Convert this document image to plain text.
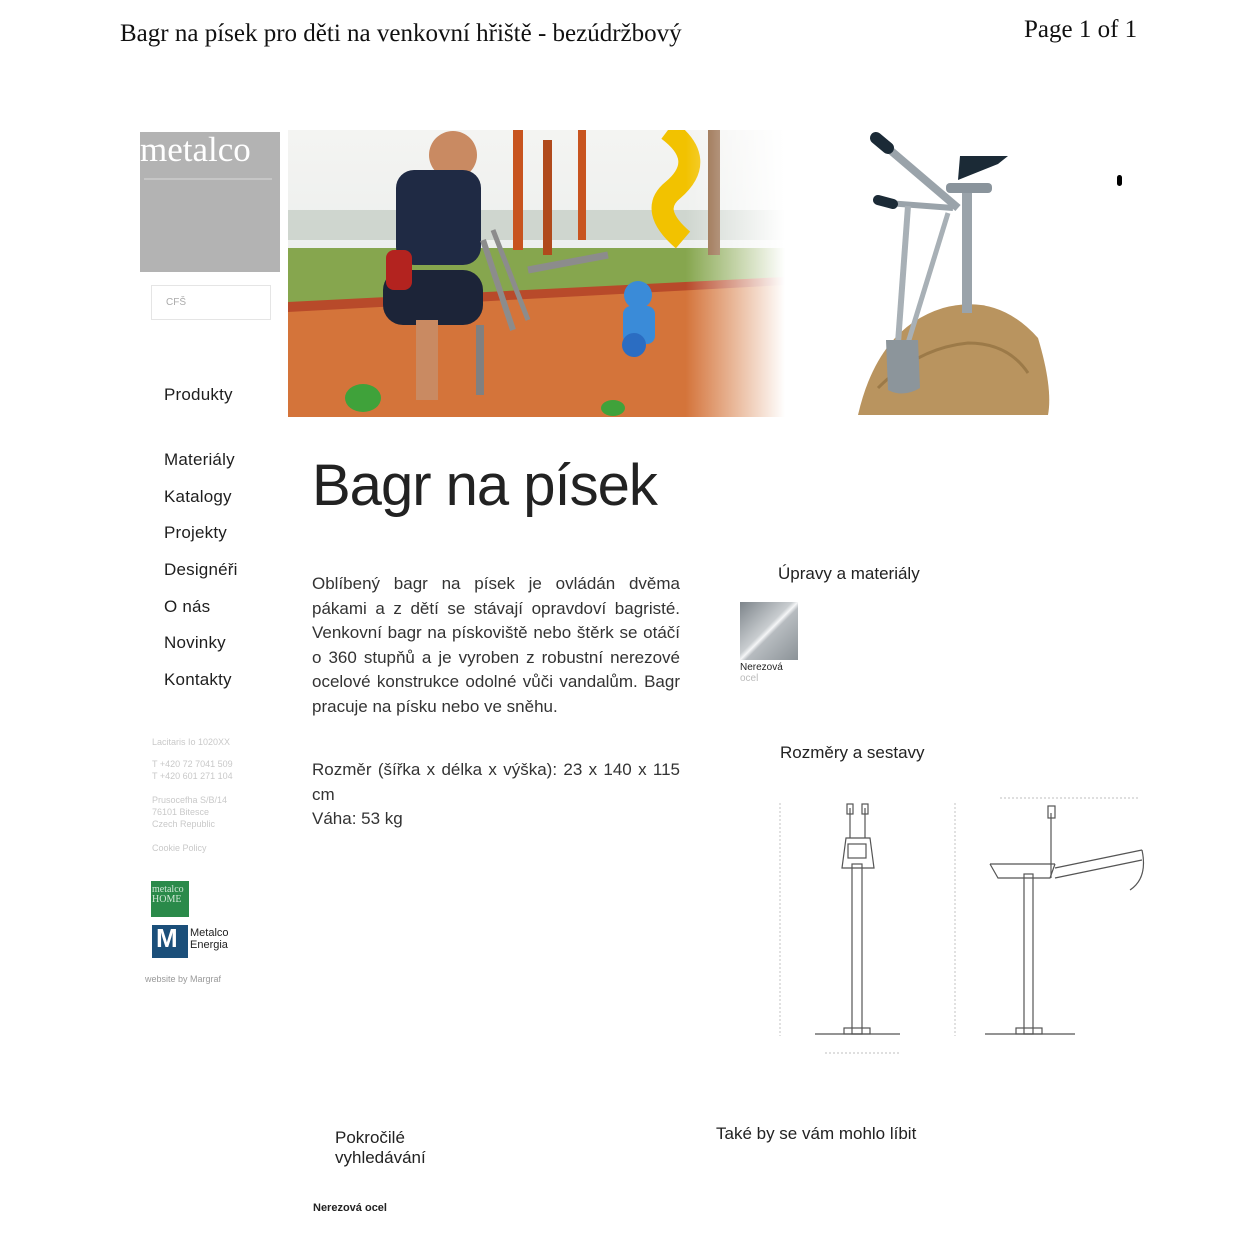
Bagr na písek pro děti na venkovní hřiště - bezúdržbový	Page 1 of 1
metalco
CFŠ
Produkty
Materiály
Katalogy
Projekty
Designéři
O nás
Novinky
Kontakty
Lacitaris Io 1020XX
T +420 72 7041 509
T +420 601 271 104
Prusocefha S/B/14
76101 Bitesce
Czech Republic
Cookie Policy
metalco HOME
M Metalco
Energia
website by Margraf
Bagr na písek
Oblíbený bagr na písek je ovládán dvěma pákami a z dětí se stávají opravdoví bagristé. Venkovní bagr na pískoviště nebo štěrk se otáčí o 360 stupňů a je vyroben z robustní nerezové ocelové konstrukce odolné vůči vandalům. Bagr pracuje na písku nebo ve sněhu.
Rozměr (šířka x délka x výška): 23 x 140 x 115 cm
Váha: 53 kg
Úpravy a materiály
Nerezová
ocel
Rozměry a sestavy
Pokročilé
vyhledávání
Také by se vám mohlo líbit
Nerezová ocel
